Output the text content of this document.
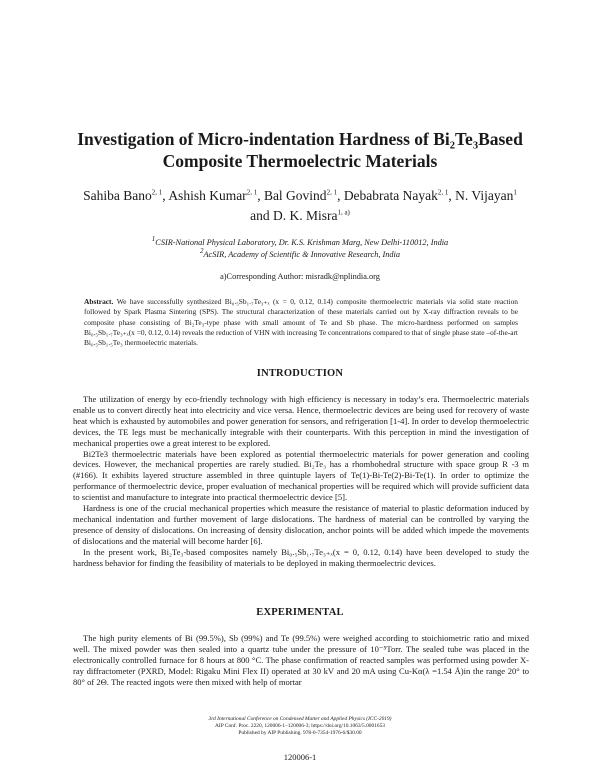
Investigation of Micro-indentation Hardness of Bi₂Te₃Based
Composite Thermoelectric Materials
Sahiba Bano$^{2, 1}$, Ashish Kumar$^{2, 1}$, Bal Govind$^{2, 1}$, Debabrata Nayak$^{2, 1}$, N. Vijayan$^1$
and D. K. Misra$^{1, a)}$
$^1$CSIR-National Physical Laboratory, Dr. K.S. Krishman Marg, New Delhi-110012, India
$^2$AcSIR, Academy of Scientific & Innovative Research, India
a)Corresponding Author: misradk@nplindia.org
Abstract. We have successfully synthesized Bi₀.₅Sb₁.₇Te₃₊ₓ (x = 0, 0.12, 0.14) composite thermoelectric materials via solid state reaction followed by Spark Plasma Sintering (SPS). The structural characterization of these materials carried out by X-ray diffraction reveals to be composite phase consisting of Bi₂Te₃-type phase with small amount of Te and Sb phase. The micro-hardness performed on samples Bi₀.₅Sb₁.₇Te₃₊ₓ(x =0, 0.12, 0.14) reveals the reduction of VHN with increasing Te concentrations compared to that of single phase state –of-the-art Bi₀.₅Sb₁.₅Te₃ thermoelectric materials.
INTRODUCTION

The utilization of energy by eco-friendly technology with high efficiency is necessary in today’s era. Thermoelectric materials enable us to convert directly heat into electricity and vice versa. Hence, thermoelectric devices are being used for recovery of waste heat which is exhausted by automobiles and power generation for sensors, and refrigeration [1-4]. In order to develop thermoelectric devices, the TE legs must be mechanically integrable with their counterparts. With this perception in mind the investigation of mechanical properties owe a great interest to be explored.

Bi2Te3 thermoelectric materials have been explored as potential thermoelectric materials for power generation and cooling devices. However, the mechanical properties are rarely studied. Bi₂Te₃ has a rhombohedral structure with space group R -3 m (#166). It exhibits layered structure assembled in three quintuple layers of Te(1)-Bi-Te(2)-Bi-Te(1). In order to optimize the performance of thermoelectric device, proper evaluation of mechanical properties will be required which will provide sufficient data to scientist and manufacture to integrate into practical thermoelectric device [5].

Hardness is one of the crucial mechanical properties which measure the resistance of material to plastic deformation induced by mechanical indentation and further movement of large dislocations. The hardness of material can be controlled by varying the presence of density of dislocations. On increasing of density dislocation, anchor points will be added which impede the movements of dislocations and the material will become harder [6].

In the present work, Bi₂Te₃-based composites namely Bi₀.₅Sb₁.₇Te₃₊ₓ(x = 0, 0.12, 0.14) have been developed to study the hardness behavior for finding the feasibility of materials to be deployed in making thermoelectric devices.

EXPERIMENTAL

The high purity elements of Bi (99.5%), Sb (99%) and Te (99.5%) were weighed according to stoichiometric ratio and mixed well. The mixed powder was then sealed into a quartz tube under the pressure of 10⁻⁵Torr. The sealed tube was placed in the electronically controlled furnace for 8 hours at 800 °C. The phase confirmation of reacted samples was performed using powder X-ray diffractometer (PXRD, Model: Rigaku Mini Flex II) operated at 30 kV and 20 mA using Cu-Kα(λ =1.54 Å)in the range 20° to 80° of 2Θ. The reacted ingots were then mixed with help of mortar

3rd International Conference on Condensed Matter and Applied Physics (ICC-2019)
AIP Conf. Proc. 2220, 120006-1–120006-3; https://doi.org/10.1063/5.0001653
Published by AIP Publishing. 978-0-7354-1976-6/$30.00
120006-1
